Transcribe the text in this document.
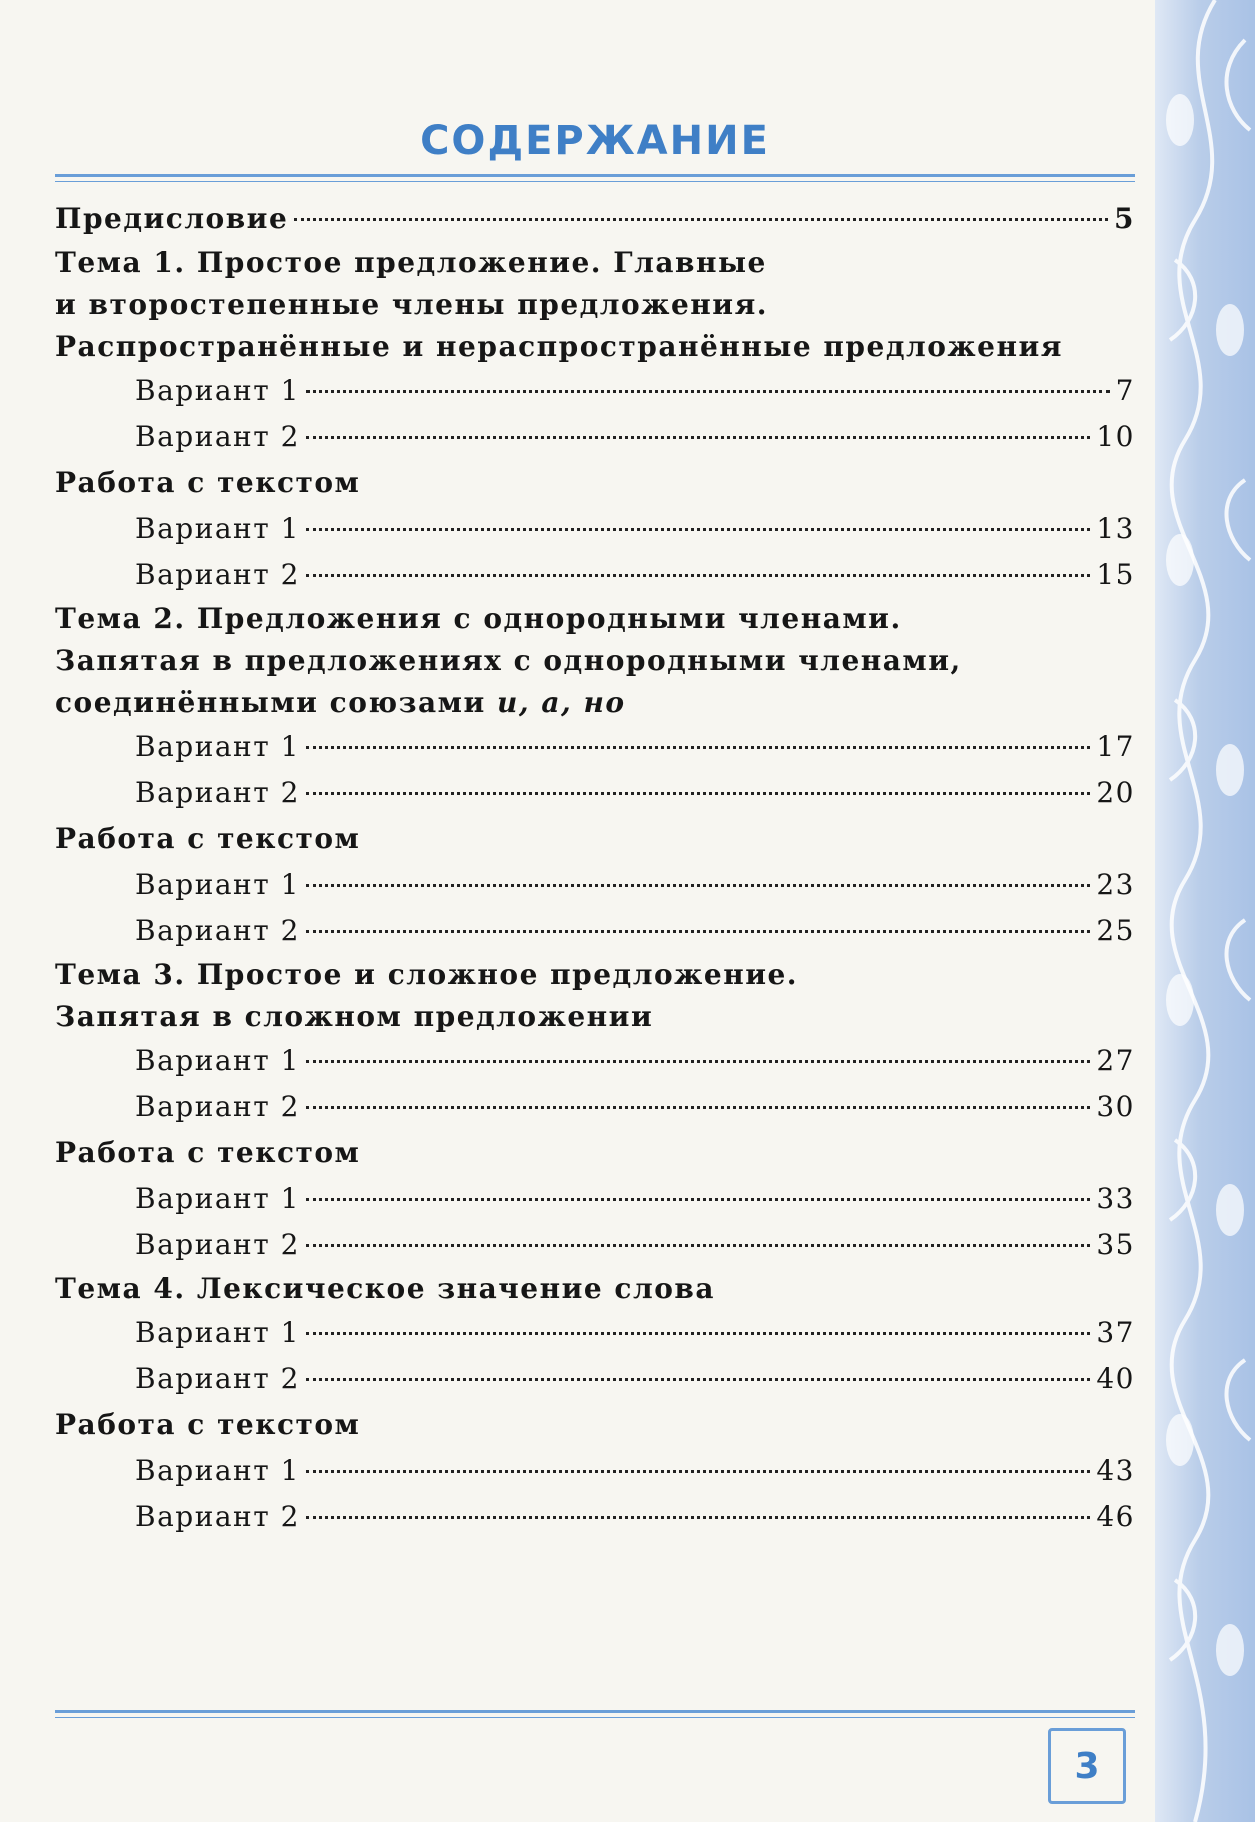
СОДЕРЖАНИЕ
Предисловие	5
Тема 1. Простое предложение. Главные
и второстепенные члены предложения.
Распространённые и нераспространённые предложения
Вариант 1	7
Вариант 2	10
Работа с текстом
Вариант 1	13
Вариант 2	15
Тема 2. Предложения с однородными членами.
Запятая в предложениях с однородными членами,
соединёнными союзами и, а, но
Вариант 1	17
Вариант 2	20
Работа с текстом
Вариант 1	23
Вариант 2	25
Тема 3. Простое и сложное предложение.
Запятая в сложном предложении
Вариант 1	27
Вариант 2	30
Работа с текстом
Вариант 1	33
Вариант 2	35
Тема 4. Лексическое значение слова
Вариант 1	37
Вариант 2	40
Работа с текстом
Вариант 1	43
Вариант 2	46
3
